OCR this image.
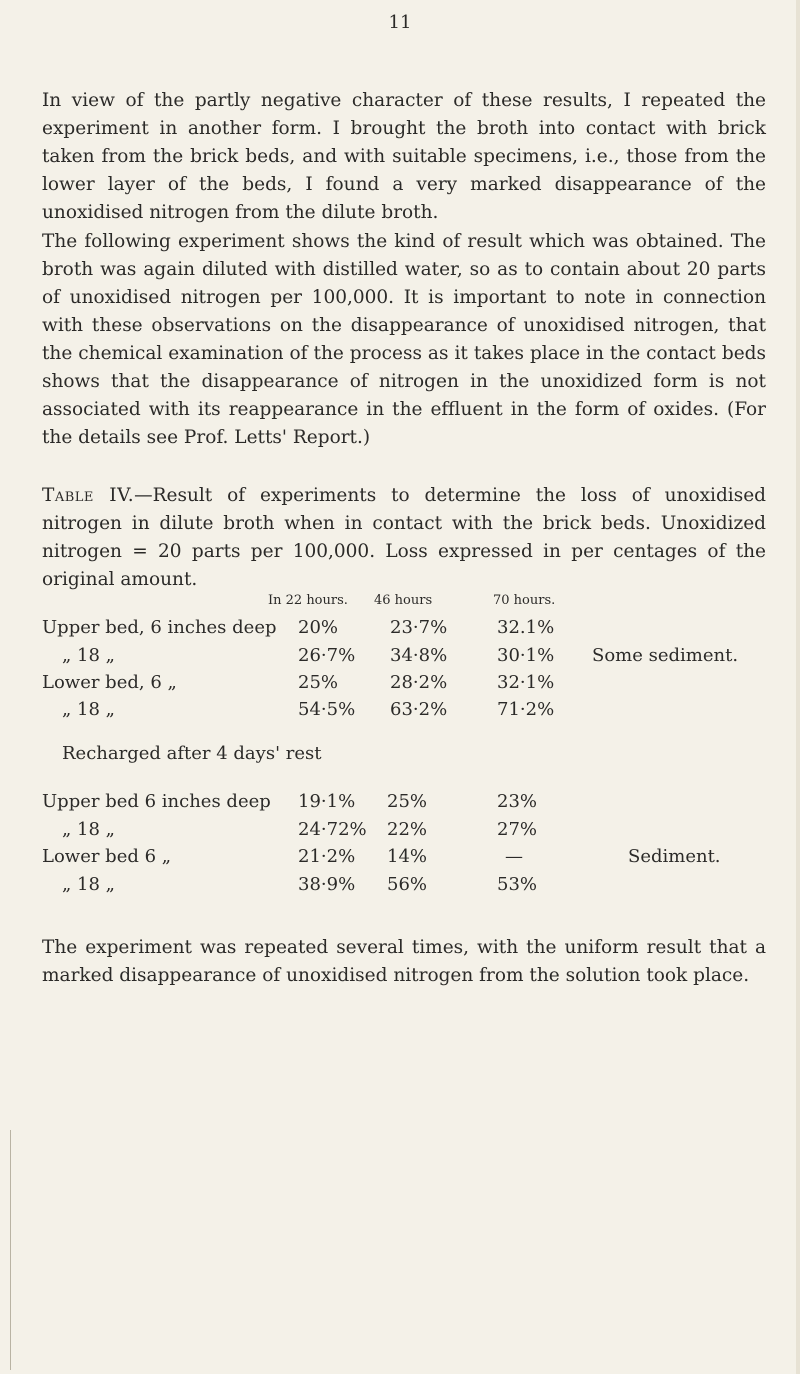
11

In view of the partly negative character of these results, I repeated the experiment in another form. I brought the broth into contact with brick taken from the brick beds, and with suitable specimens, i.e., those from the lower layer of the beds, I found a very marked disappearance of the unoxidised nitrogen from the dilute broth.

The following experiment shows the kind of result which was obtained. The broth was again diluted with distilled water, so as to contain about 20 parts of unoxidised nitrogen per 100,000. It is important to note in connection with these observations on the disappearance of unoxidised nitrogen, that the chemical examination of the process as it takes place in the contact beds shows that the disappearance of nitrogen in the unoxidized form is not associated with its reappearance in the effluent in the form of oxides. (For the details see Prof. Letts' Report.)

Table IV.—Result of experiments to determine the loss of unoxidised nitrogen in dilute broth when in contact with the brick beds. Unoxidized nitrogen = 20 parts per 100,000. Loss expressed in per centages of the original amount.

In 22 hours. 46 hours	70 hours.
Upper bed, 6 inches deep 20%	23·7%	32.1%
„ 18 „	26·7% 34·8%	30·1% Some sediment.
Lower bed, 6 „	25%	28·2%	32·1%
„ 18 „	54·5% 63·2%	71·2%
Recharged after 4 days' rest
Upper bed 6 inches deep 19·1% 25%	23%
„ 18 „	24·72% 22%	27%
Lower bed 6 „	21·2% 14%	—	Sediment.
„ 18 „	38·9% 56%	53%

The experiment was repeated several times, with the uniform result that a marked disappearance of unoxidised nitrogen from the solution took place.
